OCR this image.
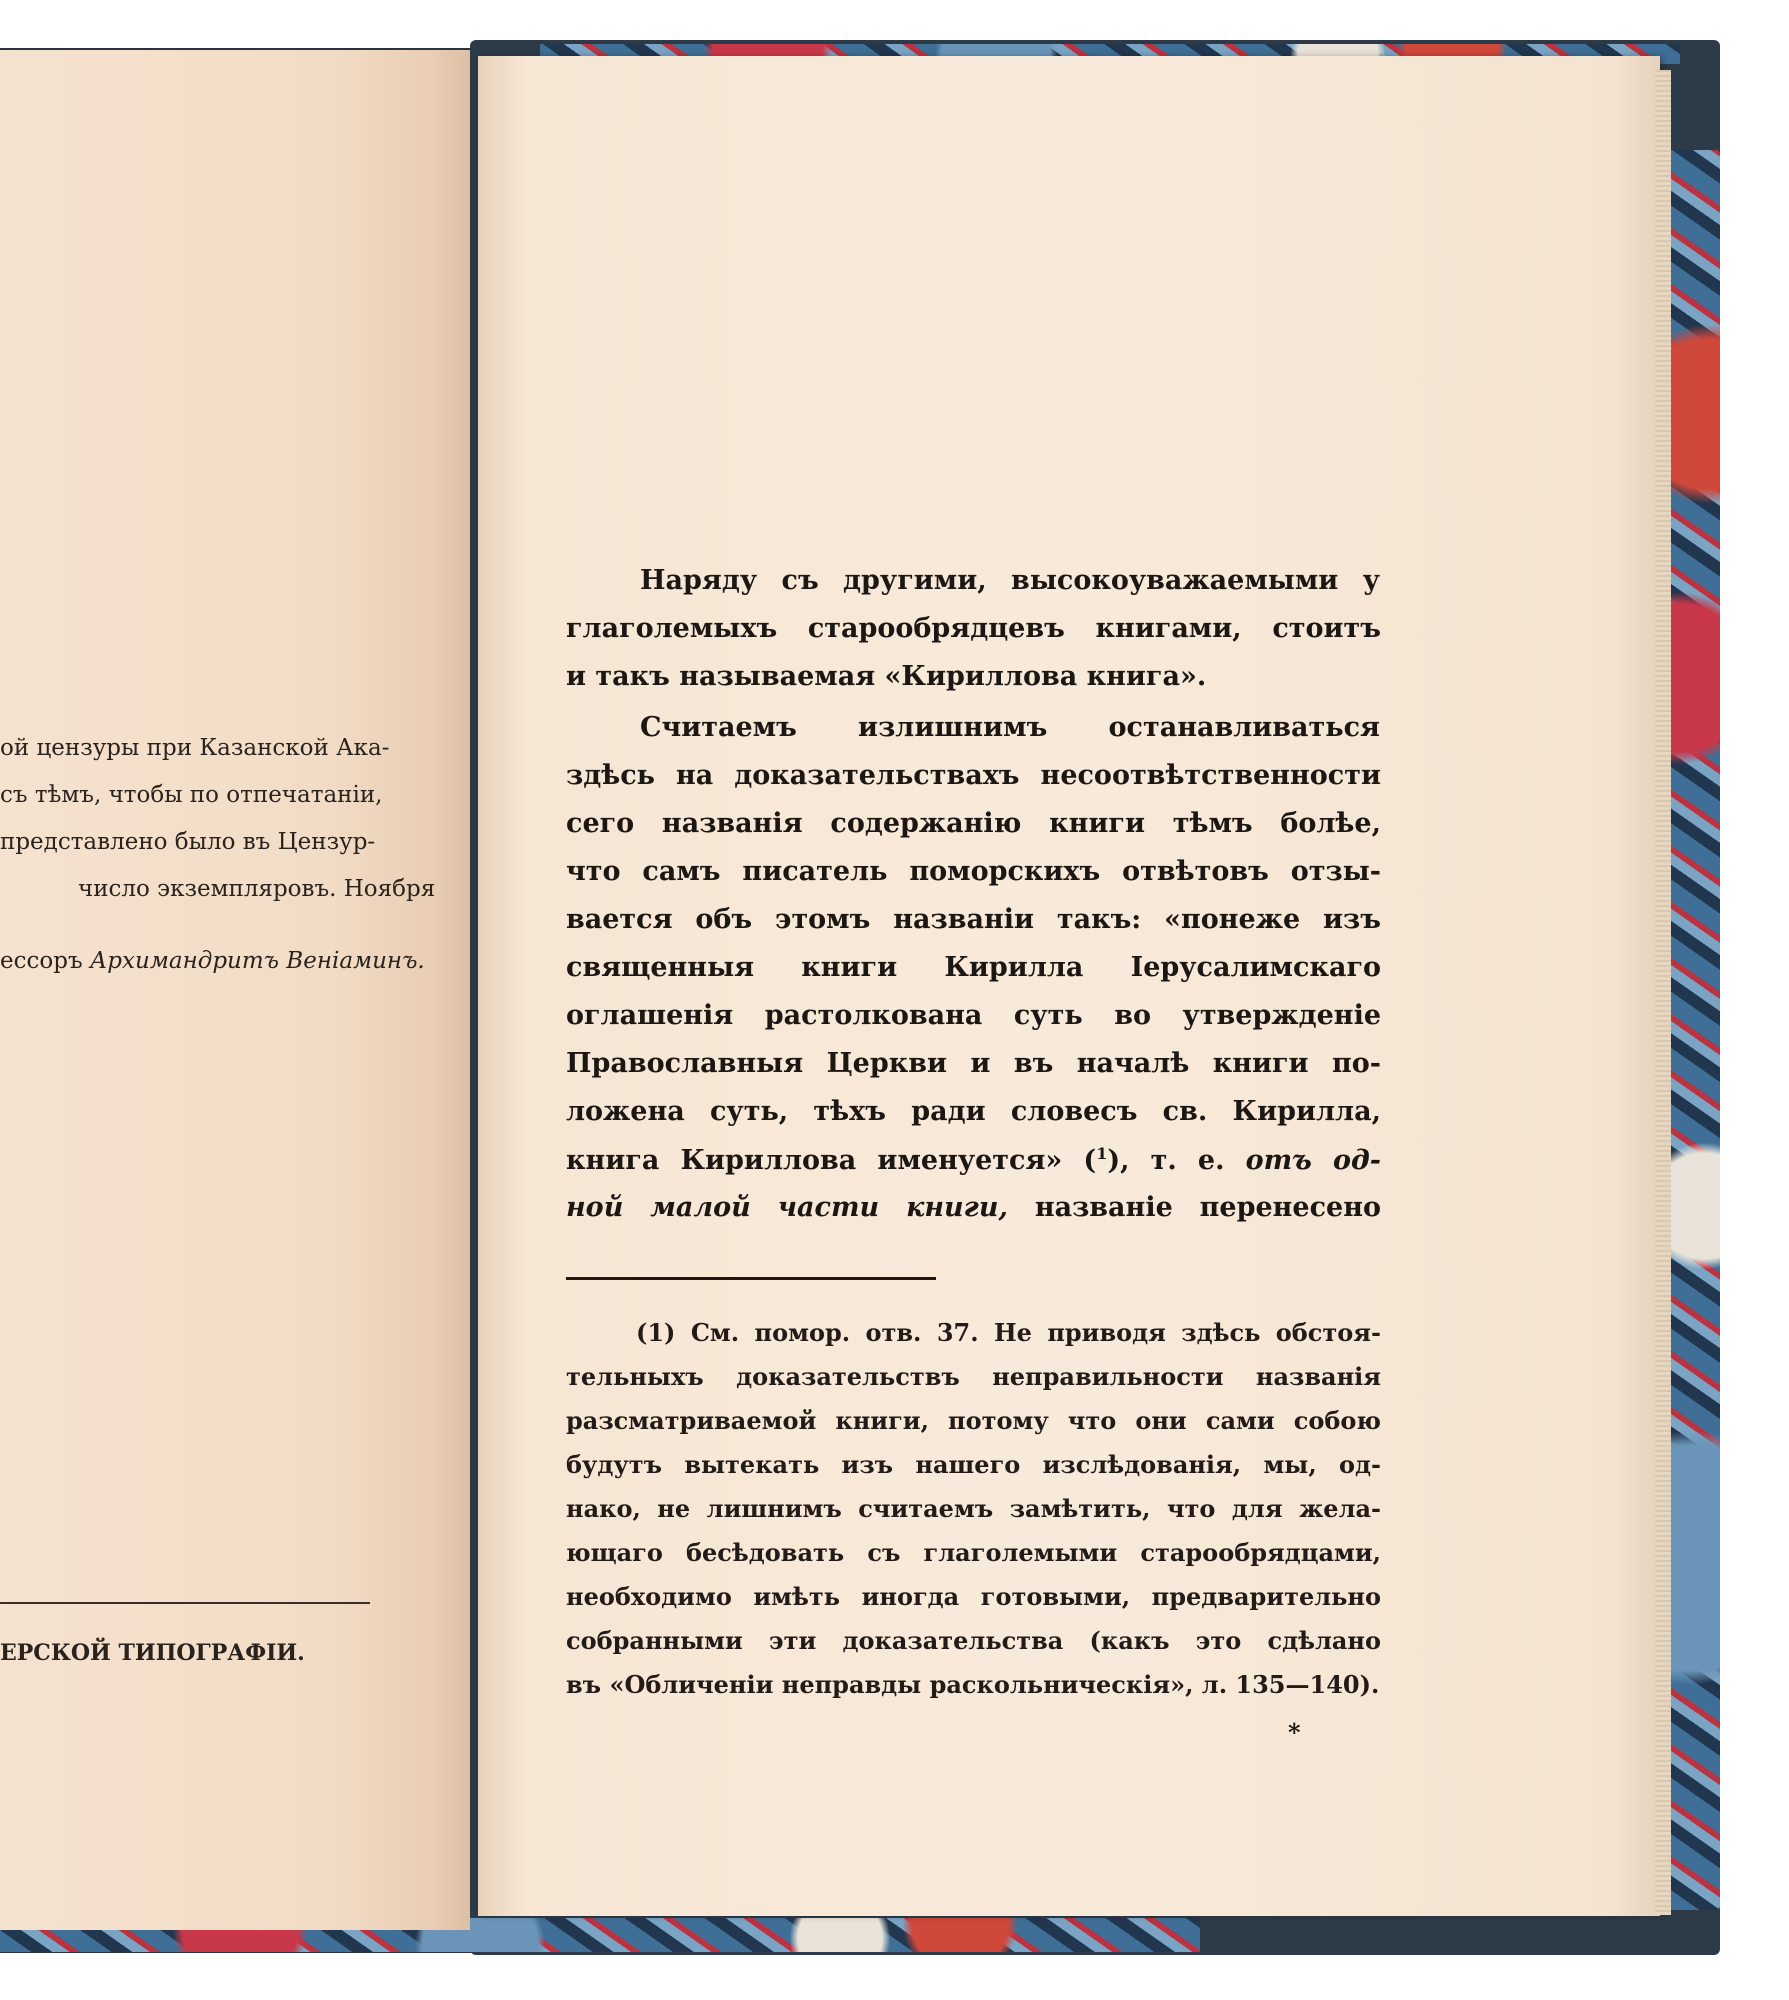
ой цензуры при Казанской Ака-
съ тѣмъ, чтобы по отпечатаніи,
представлено было въ Цензур-
число экземпляровъ. Ноября
ессоръ Архимандритъ Веніаминъ.
ЕРСКОЙ ТИПОГРАФІИ.
Наряду съ другими, высокоуважаемыми у
глаголемыхъ старообрядцевъ книгами, стоитъ
и такъ называемая «Кириллова книга».
Считаемъ излишнимъ останавливаться
здѣсь на доказательствахъ несоотвѣтственности
сего названія содержанію книги тѣмъ болѣе,
что самъ писатель поморскихъ отвѣтовъ отзы-
вается объ этомъ названіи такъ: «понеже изъ
священныя книги Кирилла Іерусалимскаго
оглашенія растолкована суть во утвержденіе
Православныя Церкви и въ началѣ книги по-
ложена суть, тѣхъ ради словесъ св. Кирилла,
книга Кириллова именуется» ($^1$), т. е. отъ од-
ной малой части книги, названіе перенесено
(1) См. помор. отв. 37. Не приводя здѣсь обстоя-
тельныхъ доказательствъ неправильности названія
разсматриваемой книги, потому что они сами собою
будутъ вытекать изъ нашего изслѣдованія, мы, од-
нако, не лишнимъ считаемъ замѣтить, что для жела-
ющаго бесѣдовать съ глаголемыми старообрядцами,
необходимо имѣть иногда готовыми, предварительно
собранными эти доказательства (какъ это сдѣлано
въ «Обличеніи неправды раскольническія», л. 135—140).
*
